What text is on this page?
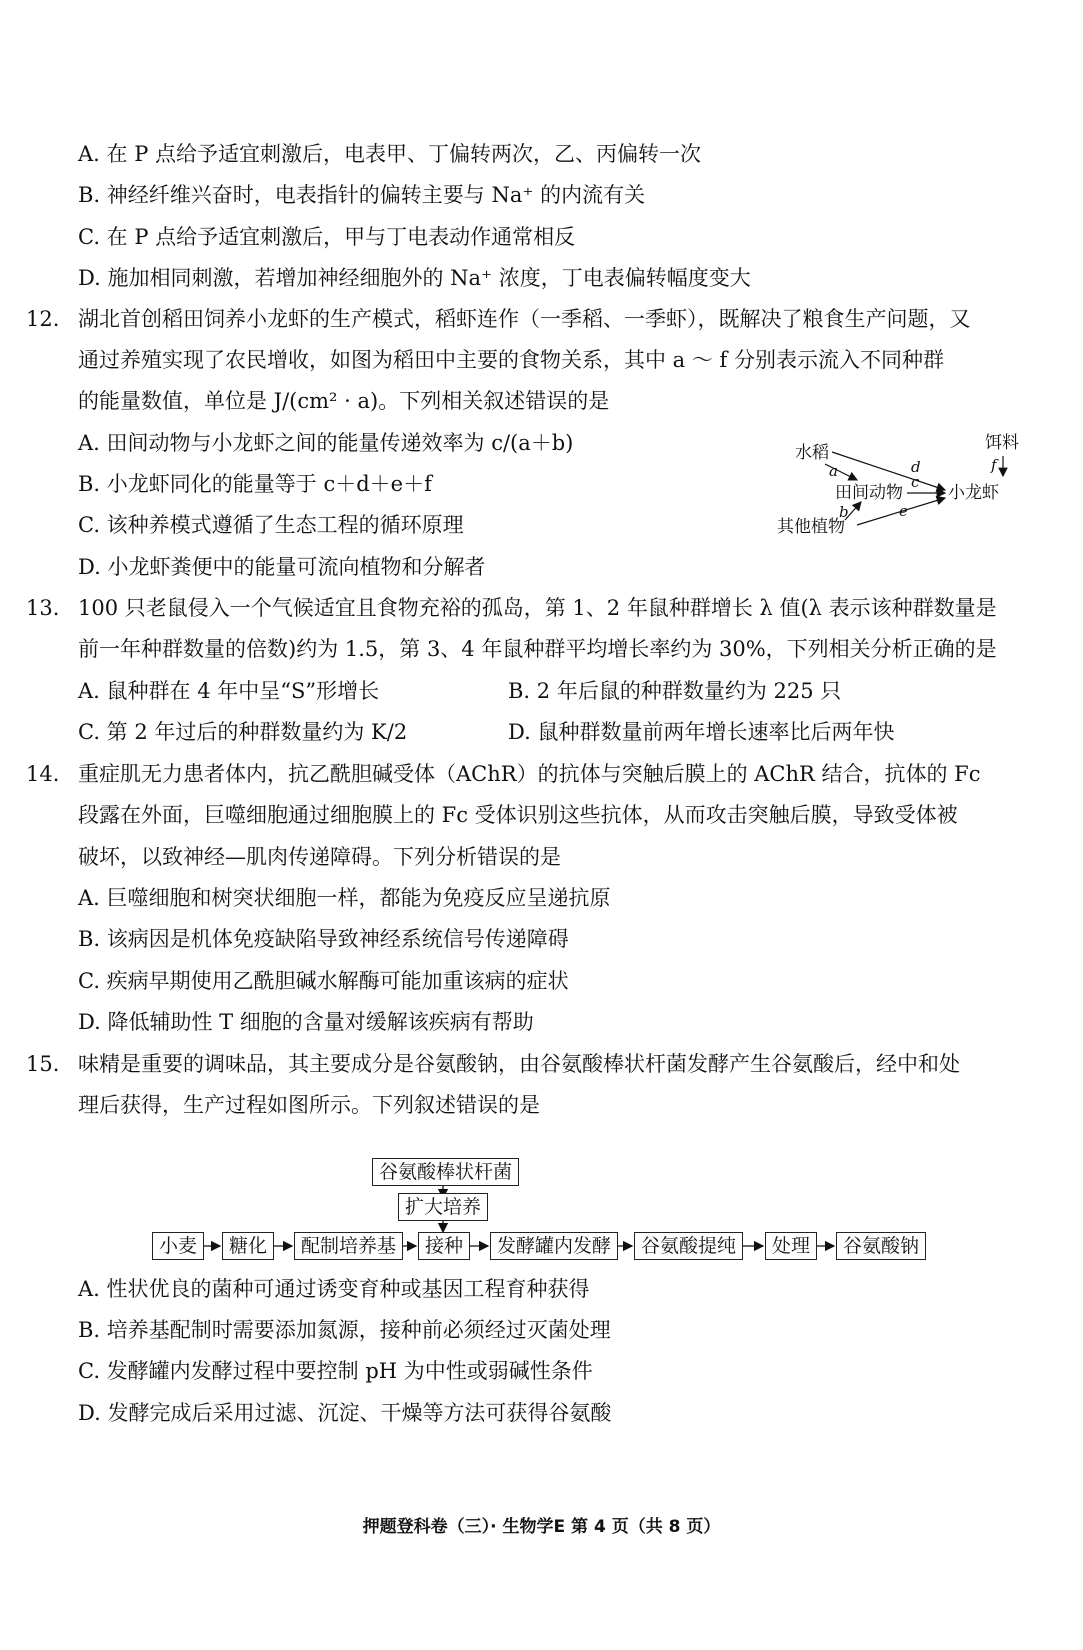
A. 在 P 点给予适宜刺激后，电表甲、丁偏转两次，乙、丙偏转一次
B. 神经纤维兴奋时，电表指针的偏转主要与 Na⁺ 的内流有关
C. 在 P 点给予适宜刺激后，甲与丁电表动作通常相反
D. 施加相同刺激，若增加神经细胞外的 Na⁺ 浓度，丁电表偏转幅度变大
12. 湖北首创稻田饲养小龙虾的生产模式，稻虾连作（一季稻、一季虾），既解决了粮食生产问题，又
通过养殖实现了农民增收，如图为稻田中主要的食物关系，其中 a ～ f 分别表示流入不同种群
的能量数值，单位是 J/(cm² · a)。下列相关叙述错误的是
A. 田间动物与小龙虾之间的能量传递效率为 c/(a＋b)
B. 小龙虾同化的能量等于 c＋d＋e＋f
C. 该种养模式遵循了生态工程的循环原理
D. 小龙虾粪便中的能量可流向植物和分解者
水稻	饵料
田间动物	小龙虾
其他植物
a
b
c
d
e
f
13. 100 只老鼠侵入一个气候适宜且食物充裕的孤岛，第 1、2 年鼠种群增长 λ 值(λ 表示该种群数量是
前一年种群数量的倍数)约为 1.5，第 3、4 年鼠种群平均增长率约为 30%，下列相关分析正确的是
A. 鼠种群在 4 年中呈“S”形增长	B. 2 年后鼠的种群数量约为 225 只
C. 第 2 年过后的种群数量约为 K/2	D. 鼠种群数量前两年增长速率比后两年快
14. 重症肌无力患者体内，抗乙酰胆碱受体（AChR）的抗体与突触后膜上的 AChR 结合，抗体的 Fc
段露在外面，巨噬细胞通过细胞膜上的 Fc 受体识别这些抗体，从而攻击突触后膜，导致受体被
破坏，以致神经—肌肉传递障碍。下列分析错误的是
A. 巨噬细胞和树突状细胞一样，都能为免疫反应呈递抗原
B. 该病因是机体免疫缺陷导致神经系统信号传递障碍
C. 疾病早期使用乙酰胆碱水解酶可能加重该病的症状
D. 降低辅助性 T 细胞的含量对缓解该疾病有帮助
15. 味精是重要的调味品，其主要成分是谷氨酸钠，由谷氨酸棒状杆菌发酵产生谷氨酸后，经中和处
理后获得，生产过程如图所示。下列叙述错误的是
谷氨酸棒状杆菌
扩大培养
小麦	糖化	配制培养基	接种	发酵罐内发酵	谷氨酸提纯	处理	谷氨酸钠
A. 性状优良的菌种可通过诱变育种或基因工程育种获得
B. 培养基配制时需要添加氮源，接种前必须经过灭菌处理
C. 发酵罐内发酵过程中要控制 pH 为中性或弱碱性条件
D. 发酵完成后采用过滤、沉淀、干燥等方法可获得谷氨酸
押题登科卷（三）· 生物学E 第 4 页（共 8 页）
